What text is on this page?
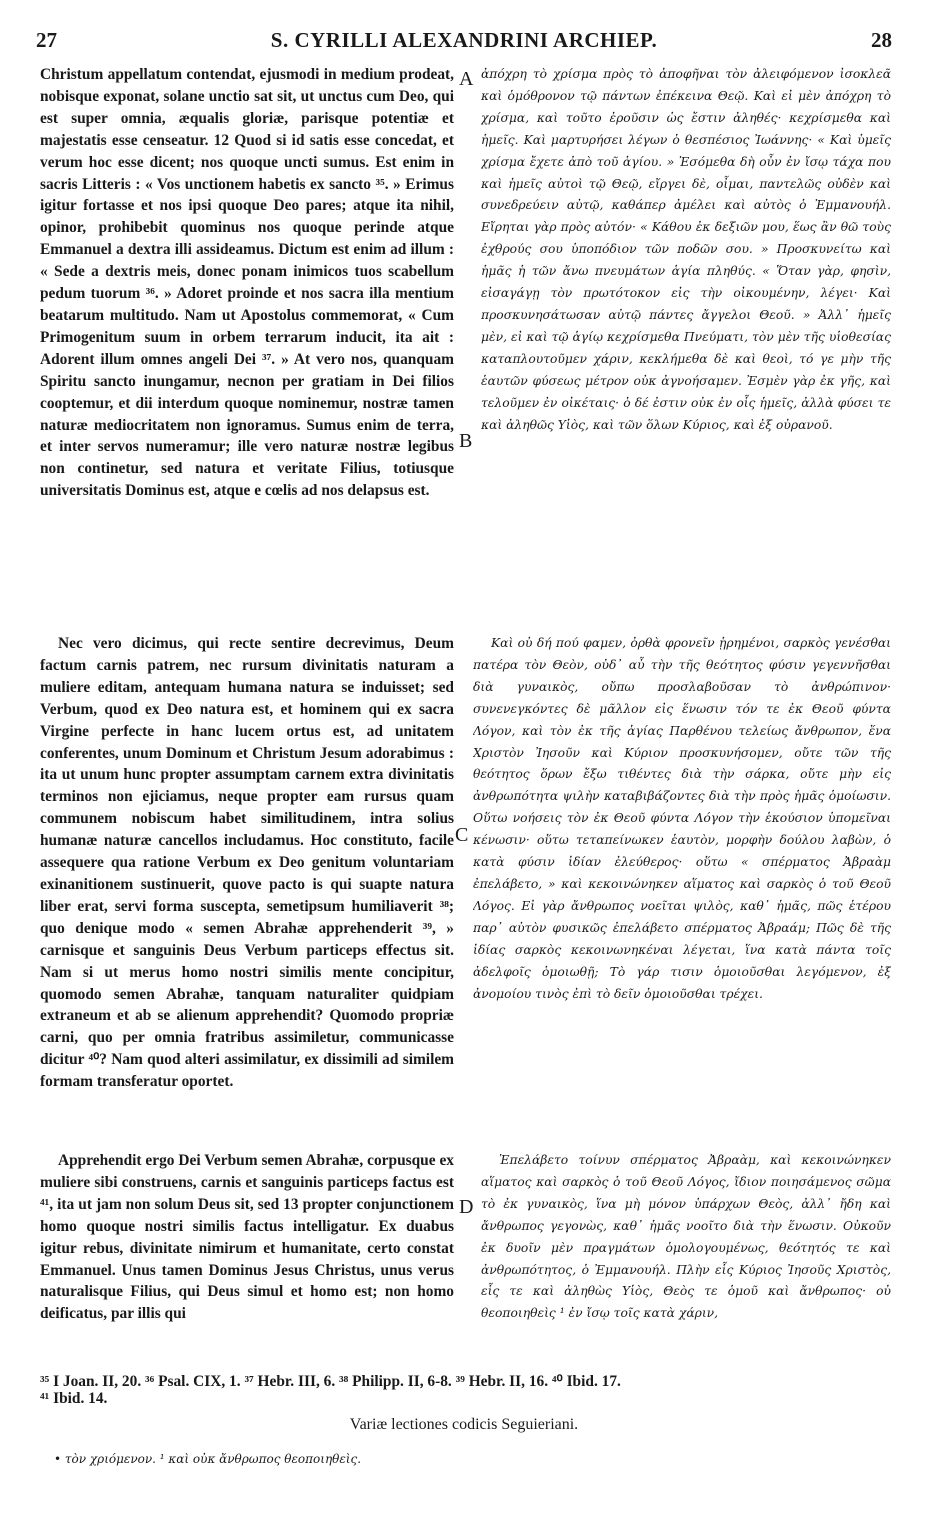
27	S. CYRILLI ALEXANDRINI ARCHIEP.	28

Christum appellatum contendat, ejusmodi in medium prodeat, nobisque exponat, solane unctio sat sit, ut unctus cum Deo, qui est super omnia, æqualis gloriæ, parisque potentiæ et majestatis esse censeatur. 12 Quod si id satis esse concedat, et verum hoc esse dicent; nos quoque uncti sumus. Est enim in sacris Litteris : « Vos unctionem habetis ex sancto ³⁵. » Erimus igitur fortasse et nos ipsi quoque Deo pares; atque ita nihil, opinor, prohibebit quominus nos quoque perinde atque Emmanuel a dextra illi assideamus. Dictum est enim ad illum : « Sede a dextris meis, donec ponam inimicos tuos scabellum pedum tuorum ³⁶. » Adoret proinde et nos sacra illa mentium beatarum multitudo. Nam ut Apostolus commemorat, « Cum Primogenitum suum in orbem terrarum inducit, ita ait : Adorent illum omnes angeli Dei ³⁷. » At vero nos, quanquam Spiritu sancto inungamur, necnon per gratiam in Dei filios cooptemur, et dii interdum quoque nominemur, nostræ tamen naturæ mediocritatem non ignoramus. Sumus enim de terra, et inter servos numeramur; ille vero naturæ nostræ legibus non continetur, sed natura et veritate Filius, totiusque universitatis Dominus est, atque e cœlis ad nos delapsus est.

A ἀπόχρη τὸ χρίσμα πρὸς τὸ ἀποφῆναι τὸν ἀλειφόμενον ἰσοκλεᾶ καὶ ὁμόθρονον τῷ πάντων ἐπέκεινα Θεῷ. Καὶ εἰ μὲν ἀπόχρη τὸ χρίσμα, καὶ τοῦτο ἐροῦσιν ὡς ἔστιν ἀληθές· κεχρίσμεθα καὶ ἡμεῖς. Καὶ μαρτυρήσει λέγων ὁ θεσπέσιος Ἰωάννης· « Καὶ ὑμεῖς χρίσμα ἔχετε ἀπὸ τοῦ ἁγίου. » Ἐσόμεθα δὴ οὖν ἐν ἴσῳ τάχα που καὶ ἡμεῖς αὐτοὶ τῷ Θεῷ, εἴργει δὲ, οἶμαι, παντελῶς οὐδὲν καὶ συνεδρεύειν αὐτῷ, καθάπερ ἀμέλει καὶ αὐτὸς ὁ Ἐμμανουήλ. Εἴρηται γὰρ πρὸς αὐτόν· « Κάθου ἐκ δεξιῶν μου, ἕως ἂν θῶ τοὺς ἐχθρούς σου ὑποπόδιον τῶν ποδῶν σου. » Προσκυνείτω καὶ ἡμᾶς ἡ τῶν ἄνω πνευμάτων ἁγία πληθύς. « Ὅταν γὰρ, φησὶν, εἰσαγάγῃ τὸν πρωτότοκον εἰς τὴν οἰκουμένην, λέγει· Καὶ προσκυνησάτωσαν αὐτῷ πάντες ἄγγελοι Θεοῦ. » Ἀλλ᾽ ἡμεῖς μὲν, εἰ καὶ τῷ ἁγίῳ κεχρίσμεθα Πνεύματι, τὸν μὲν τῆς υἱοθεσίας καταπλουτοῦμεν χάριν, κεκλήμεθα δὲ καὶ θεοὶ, τό γε μὴν τῆς ἑαυτῶν φύσεως μέτρον οὐκ ἀγνοήσαμεν. Ἐσμὲν γὰρ ἐκ γῆς, καὶ τελοῦμεν ἐν οἰκέταις· ὁ δέ ἐστιν οὐκ ἐν οἷς ἡμεῖς, ἀλλὰ φύσει τε καὶ ἀληθῶς Υἱὸς, καὶ τῶν ὅλων Κύριος, καὶ ἐξ οὐρανοῦ.

Nec vero dicimus, qui recte sentire decrevimus, Deum factum carnis patrem, nec rursum divinitatis naturam a muliere editam, antequam humana natura se induisset; sed Verbum, quod ex Deo natura est, et hominem qui ex sacra Virgine perfecte in hanc lucem ortus est, ad unitatem conferentes, unum Dominum et Christum Jesum adorabimus : ita ut unum hunc propter assumptam carnem extra divinitatis terminos non ejiciamus, neque propter eam rursus quam communem nobiscum habet similitudinem, intra solius humanæ naturæ cancellos includamus. Hoc constituto, facile assequere qua ratione Verbum ex Deo genitum voluntariam exinanitionem sustinuerit, quove pacto is qui suapte natura liber erat, servi forma suscepta, semetipsum humiliaverit ³⁸; quo denique modo « semen Abrahæ apprehenderit ³⁹, » carnisque et sanguinis Deus Verbum particeps effectus sit. Nam si ut merus homo nostri similis mente concipitur, quomodo semen Abrahæ, tanquam naturaliter quidpiam extraneum et ab se alienum apprehendit? Quomodo propriæ carni, quo per omnia fratribus assimiletur, communicasse dicitur ⁴⁰? Nam quod alteri assimilatur, ex dissimili ad similem formam transferatur oportet.

B

Καὶ οὐ δή πού φαμεν, ὀρθὰ φρονεῖν ᾑρημένοι, σαρκὸς γενέσθαι πατέρα τὸν Θεὸν, οὐδ᾽ αὖ τὴν τῆς θεότητος φύσιν γεγεννῆσθαι διὰ γυναικὸς, οὔπω προσλαβοῦσαν τὸ ἀνθρώπινον· συνενεγκόντες δὲ μᾶλλον εἰς ἕνωσιν τόν τε ἐκ Θεοῦ φύντα Λόγον, καὶ τὸν ἐκ τῆς ἁγίας Παρθένου τελείως ἄνθρωπον, ἕνα Χριστὸν Ἰησοῦν καὶ Κύριον προσκυνήσομεν, οὔτε τῶν τῆς θεότητος ὅρων ἔξω τιθέντες διὰ τὴν σάρκα, οὔτε μὴν εἰς ἀνθρωπότητα ψιλὴν καταβιβάζοντες διὰ τὴν πρὸς ἡμᾶς ὁμοίωσιν. Οὕτω νοήσεις τὸν ἐκ Θεοῦ φύντα Λόγον τὴν ἑκούσιον ὑπομεῖναι κένωσιν· οὕτω τεταπείνωκεν ἑαυτὸν, μορφὴν δούλου λαβὼν, ὁ κατὰ φύσιν ἰδίαν ἐλεύθερος· οὕτω « σπέρματος Ἀβραὰμ ἐπελάβετο, » καὶ κεκοινώνηκεν αἵματος καὶ σαρκὸς ὁ τοῦ Θεοῦ Λόγος. Εἰ γὰρ ἄνθρωπος νοεῖται ψιλὸς, καθ᾽ ἡμᾶς, πῶς ἑτέρου παρ᾽ αὐτὸν φυσικῶς ἐπελάβετο σπέρματος Ἀβραάμ; Πῶς δὲ τῆς ἰδίας σαρκὸς κεκοινωνηκέναι λέγεται, ἵνα κατὰ πάντα τοῖς ἀδελφοῖς ὁμοιωθῇ; Τὸ γάρ τισιν ὁμοιοῦσθαι λεγόμενον, ἐξ ἀνομοίου τινὸς ἐπὶ τὸ δεῖν ὁμοιοῦσθαι τρέχει.

C

Apprehendit ergo Dei Verbum semen Abrahæ, corpusque ex muliere sibi construens, carnis et sanguinis particeps factus est ⁴¹, ita ut jam non solum Deus sit, sed 13 propter conjunctionem homo quoque nostri similis factus intelligatur. Ex duabus igitur rebus, divinitate nimirum et humanitate, certo constat Emmanuel. Unus tamen Dominus Jesus Christus, unus verus naturalisque Filius, qui Deus simul et homo est; non homo deificatus, par illis qui

D

Ἐπελάβετο τοίνυν σπέρματος Ἀβραὰμ, καὶ κεκοινώνηκεν αἵματος καὶ σαρκὸς ὁ τοῦ Θεοῦ Λόγος, ἴδιον ποιησάμενος σῶμα τὸ ἐκ γυναικὸς, ἵνα μὴ μόνον ὑπάρχων Θεὸς, ἀλλ᾽ ἤδη καὶ ἄνθρωπος γεγονὼς, καθ᾽ ἡμᾶς νοοῖτο διὰ τὴν ἕνωσιν. Οὐκοῦν ἐκ δυοῖν μὲν πραγμάτων ὁμολογουμένως, θεότητός τε καὶ ἀνθρωπότητος, ὁ Ἐμμανουήλ. Πλὴν εἷς Κύριος Ἰησοῦς Χριστὸς, εἷς τε καὶ ἀληθὼς Υἱὸς, Θεὸς τε ὁμοῦ καὶ ἄνθρωπος· οὐ θεοποιηθεὶς ¹ ἐν ἴσῳ τοῖς κατὰ χάριν,

³⁵ I Joan. II, 20. ³⁶ Psal. CIX, 1. ³⁷ Hebr. III, 6. ³⁸ Philipp. II, 6-8. ³⁹ Hebr. II, 16. ⁴⁰ Ibid. 17.
⁴¹ Ibid. 14.
Variæ lectiones codicis Seguieriani.
• τὸν χριόμενον. ¹ καὶ οὐκ ἄνθρωπος θεοποιηθεὶς.
